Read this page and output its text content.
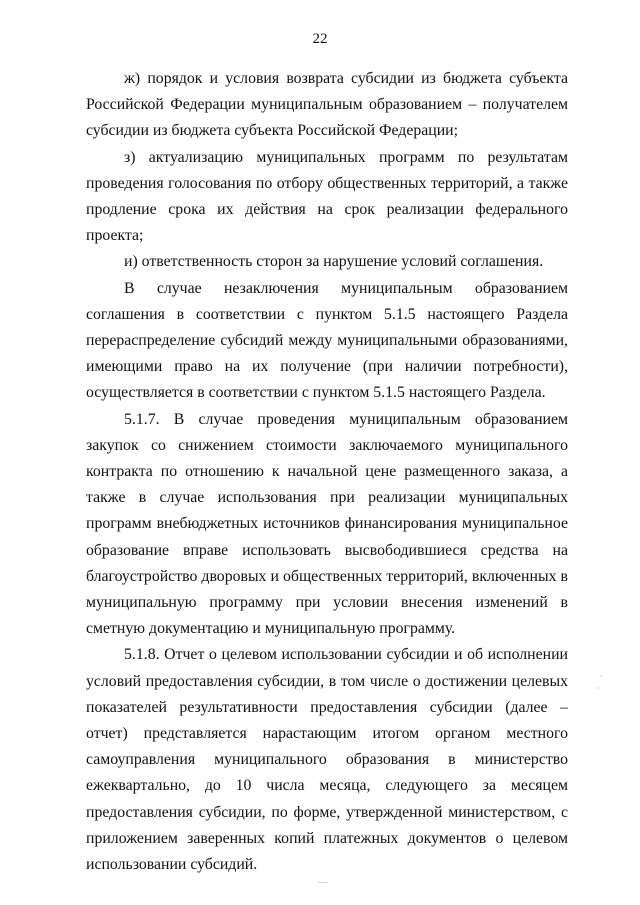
22

ж) порядок и условия возврата субсидии из бюджета субъекта Российской Федерации муниципальным образованием – получателем субсидии из бюджета субъекта Российской Федерации;

з) актуализацию муниципальных программ по результатам проведения голосования по отбору общественных территорий, а также продление срока их действия на срок реализации федерального проекта;

и) ответственность сторон за нарушение условий соглашения.

В случае незаключения муниципальным образованием соглашения в соответствии с пунктом 5.1.5 настоящего Раздела перераспределение субсидий между муниципальными образованиями, имеющими право на их получение (при наличии потребности), осуществляется в соответствии с пунктом 5.1.5 настоящего Раздела.

5.1.7. В случае проведения муниципальным образованием закупок со снижением стоимости заключаемого муниципального контракта по отношению к начальной цене размещенного заказа, а также в случае использования при реализации муниципальных программ внебюджетных источников финансирования муниципальное образование вправе использовать высвободившиеся средства на благоустройство дворовых и общественных территорий, включенных в муниципальную программу при условии внесения изменений в сметную документацию и муниципальную программу.

5.1.8. Отчет о целевом использовании субсидии и об исполнении условий предоставления субсидии, в том числе о достижении целевых показателей результативности предоставления субсидии (далее – отчет) представляется нарастающим итогом органом местного самоуправления муниципального образования в министерство ежеквартально, до 10 числа месяца, следующего за месяцем предоставления субсидии, по форме, утвержденной министерством, с приложением заверенных копий платежных документов о целевом использовании субсидий.

·
·
.....
